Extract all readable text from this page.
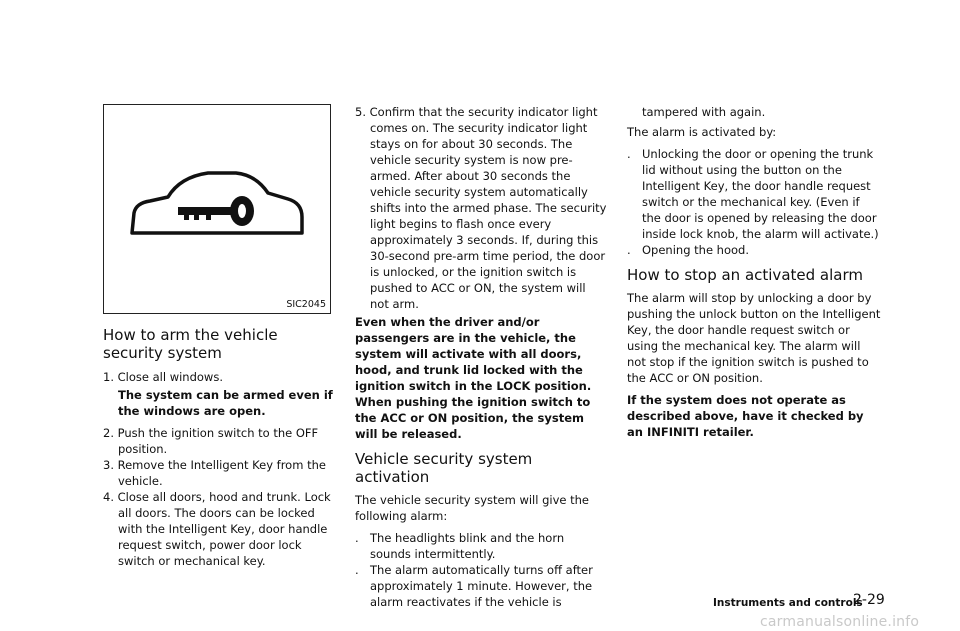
SIC2045
How to arm the vehicle security system

1. Close all windows.

The system can be armed even if the windows are open.

2. Push the ignition switch to the OFF position.

3. Remove the Intelligent Key from the vehicle.

4. Close all doors, hood and trunk. Lock all doors. The doors can be locked with the Intelligent Key, door handle request switch, power door lock switch or mechanical key.

5. Confirm that the security indicator light comes on. The security indicator light stays on for about 30 seconds. The vehicle security system is now pre-armed. After about 30 seconds the vehicle security system automatically shifts into the armed phase. The security light begins to flash once every approximately 3 seconds. If, during this 30-second pre-arm time period, the door is unlocked, or the ignition switch is pushed to ACC or ON, the system will not arm.

Even when the driver and/or passengers are in the vehicle, the system will activate with all doors, hood, and trunk lid locked with the ignition switch in the LOCK position. When pushing the ignition switch to the ACC or ON position, the system will be released.

Vehicle security system activation

The vehicle security system will give the following alarm:

. The headlights blink and the horn sounds intermittently.

. The alarm automatically turns off after approximately 1 minute. However, the alarm reactivates if the vehicle is

tampered with again.

The alarm is activated by:

. Unlocking the door or opening the trunk lid without using the button on the Intelligent Key, the door handle request switch or the mechanical key. (Even if the door is opened by releasing the door inside lock knob, the alarm will activate.)

. Opening the hood.

How to stop an activated alarm

The alarm will stop by unlocking a door by pushing the unlock button on the Intelligent Key, the door handle request switch or using the mechanical key. The alarm will not stop if the ignition switch is pushed to the ACC or ON position.

If the system does not operate as described above, have it checked by an INFINITI retailer.

Instruments and controls
2-29
carmanualsonline.info
